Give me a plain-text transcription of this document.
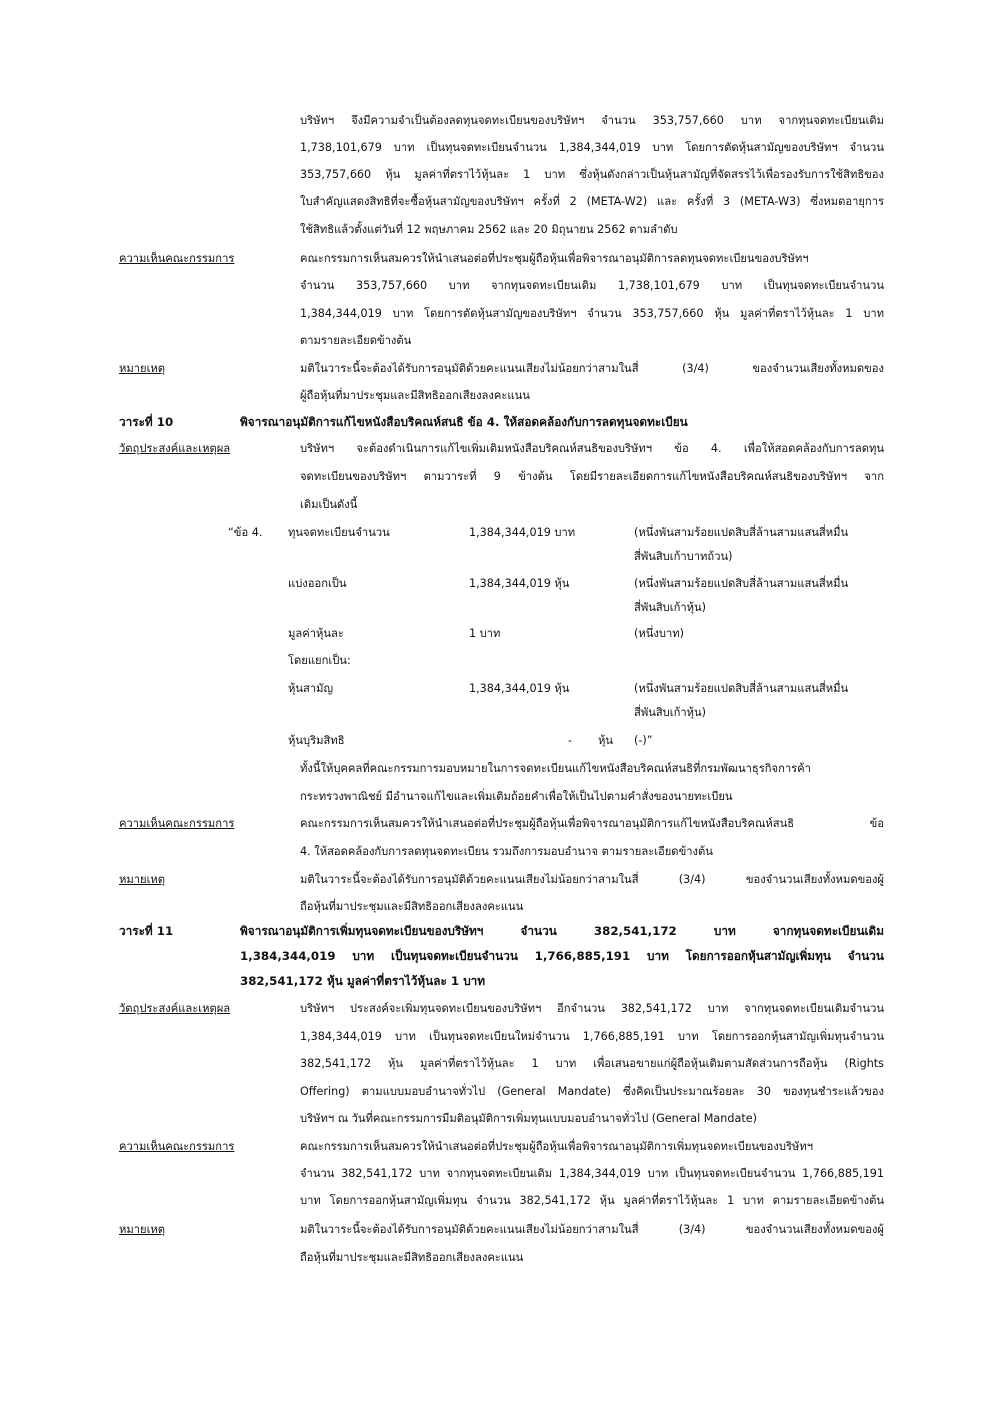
บริษัทฯ จึงมีความจำเป็นต้องลดทุนจดทะเบียนของบริษัทฯ จำนวน 353,757,660 บาท จากทุนจดทะเบียนเดิม
1,738,101,679 บาท เป็นทุนจดทะเบียนจำนวน 1,384,344,019 บาท โดยการตัดหุ้นสามัญของบริษัทฯ จำนวน
353,757,660 หุ้น มูลค่าที่ตราไว้หุ้นละ 1 บาท ซึ่งหุ้นดังกล่าวเป็นหุ้นสามัญที่จัดสรรไว้เพื่อรองรับการใช้สิทธิของ
ใบสำคัญแสดงสิทธิที่จะซื้อหุ้นสามัญของบริษัทฯ ครั้งที่ 2 (META-W2) และ ครั้งที่ 3 (META-W3) ซึ่งหมดอายุการ
ใช้สิทธิแล้วตั้งแต่วันที่ 12 พฤษภาคม 2562 และ 20 มิถุนายน 2562 ตามลำดับ
ความเห็นคณะกรรมการ	คณะกรรมการเห็นสมควรให้นำเสนอต่อที่ประชุมผู้ถือหุ้นเพื่อพิจารณาอนุมัติการลดทุนจดทะเบียนของบริษัทฯ
จำนวน 353,757,660 บาท จากทุนจดทะเบียนเดิม 1,738,101,679 บาท เป็นทุนจดทะเบียนจำนวน
1,384,344,019 บาท โดยการตัดหุ้นสามัญของบริษัทฯ จำนวน 353,757,660 หุ้น มูลค่าที่ตราไว้หุ้นละ 1 บาท
ตามรายละเอียดข้างต้น
หมายเหตุ	มติในวาระนี้จะต้องได้รับการอนุมัติด้วยคะแนนเสียงไม่น้อยกว่าสามในสี่ (3/4) ของจำนวนเสียงทั้งหมดของ
ผู้ถือหุ้นที่มาประชุมและมีสิทธิออกเสียงลงคะแนน
วาระที่ 10	พิจารณาอนุมัติการแก้ไขหนังสือบริคณห์สนธิ ข้อ 4. ให้สอดคล้องกับการลดทุนจดทะเบียน
วัตถุประสงค์และเหตุผล	บริษัทฯ จะต้องดำเนินการแก้ไขเพิ่มเติมหนังสือบริคณห์สนธิของบริษัทฯ ข้อ 4. เพื่อให้สอดคล้องกับการลดทุน
จดทะเบียนของบริษัทฯ ตามวาระที่ 9 ข้างต้น โดยมีรายละเอียดการแก้ไขหนังสือบริคณห์สนธิของบริษัทฯ จาก
เดิมเป็นดังนี้
“ข้อ 4. ทุนจดทะเบียนจำนวน	1,384,344,019 บาท	(หนึ่งพันสามร้อยแปดสิบสี่ล้านสามแสนสี่หมื่น
สี่พันสิบเก้าบาทถ้วน)
แบ่งออกเป็น	1,384,344,019 หุ้น	(หนึ่งพันสามร้อยแปดสิบสี่ล้านสามแสนสี่หมื่น
สี่พันสิบเก้าหุ้น)
มูลค่าหุ้นละ	1 บาท	(หนึ่งบาท)
โดยแยกเป็น:
หุ้นสามัญ	1,384,344,019 หุ้น	(หนึ่งพันสามร้อยแปดสิบสี่ล้านสามแสนสี่หมื่น
สี่พันสิบเก้าหุ้น)
หุ้นบุริมสิทธิ	- หุ้น (-)”
ทั้งนี้ให้บุคคลที่คณะกรรมการมอบหมายในการจดทะเบียนแก้ไขหนังสือบริคณห์สนธิที่กรมพัฒนาธุรกิจการค้า
กระทรวงพาณิชย์ มีอำนาจแก้ไขและเพิ่มเติมถ้อยคำเพื่อให้เป็นไปตามคำสั่งของนายทะเบียน
ความเห็นคณะกรรมการ	คณะกรรมการเห็นสมควรให้นำเสนอต่อที่ประชุมผู้ถือหุ้นเพื่อพิจารณาอนุมัติการแก้ไขหนังสือบริคณห์สนธิ ข้อ
4. ให้สอดคล้องกับการลดทุนจดทะเบียน รวมถึงการมอบอำนาจ ตามรายละเอียดข้างต้น
หมายเหตุ	มติในวาระนี้จะต้องได้รับการอนุมัติด้วยคะแนนเสียงไม่น้อยกว่าสามในสี่ (3/4) ของจำนวนเสียงทั้งหมดของผู้
ถือหุ้นที่มาประชุมและมีสิทธิออกเสียงลงคะแนน
วาระที่ 11	พิจารณาอนุมัติการเพิ่มทุนจดทะเบียนของบริษัทฯ จำนวน 382,541,172 บาท จากทุนจดทะเบียนเดิม
1,384,344,019 บาท เป็นทุนจดทะเบียนจำนวน 1,766,885,191 บาท โดยการออกหุ้นสามัญเพิ่มทุน จำนวน
382,541,172 หุ้น มูลค่าที่ตราไว้หุ้นละ 1 บาท
วัตถุประสงค์และเหตุผล	บริษัทฯ ประสงค์จะเพิ่มทุนจดทะเบียนของบริษัทฯ อีกจำนวน 382,541,172 บาท จากทุนจดทะเบียนเดิมจำนวน
1,384,344,019 บาท เป็นทุนจดทะเบียนใหม่จำนวน 1,766,885,191 บาท โดยการออกหุ้นสามัญเพิ่มทุนจำนวน
382,541,172 หุ้น มูลค่าที่ตราไว้หุ้นละ 1 บาท เพื่อเสนอขายแก่ผู้ถือหุ้นเดิมตามสัดส่วนการถือหุ้น (Rights
Offering) ตามแบบมอบอำนาจทั่วไป (General Mandate) ซึ่งคิดเป็นประมาณร้อยละ 30 ของทุนชำระแล้วของ
บริษัทฯ ณ วันที่คณะกรรมการมีมติอนุมัติการเพิ่มทุนแบบมอบอำนาจทั่วไป (General Mandate)
ความเห็นคณะกรรมการ	คณะกรรมการเห็นสมควรให้นำเสนอต่อที่ประชุมผู้ถือหุ้นเพื่อพิจารณาอนุมัติการเพิ่มทุนจดทะเบียนของบริษัทฯ
จำนวน 382,541,172 บาท จากทุนจดทะเบียนเดิม 1,384,344,019 บาท เป็นทุนจดทะเบียนจำนวน 1,766,885,191
บาท โดยการออกหุ้นสามัญเพิ่มทุน จำนวน 382,541,172 หุ้น มูลค่าที่ตราไว้หุ้นละ 1 บาท ตามรายละเอียดข้างต้น
หมายเหตุ	มติในวาระนี้จะต้องได้รับการอนุมัติด้วยคะแนนเสียงไม่น้อยกว่าสามในสี่ (3/4) ของจำนวนเสียงทั้งหมดของผู้
ถือหุ้นที่มาประชุมและมีสิทธิออกเสียงลงคะแนน
